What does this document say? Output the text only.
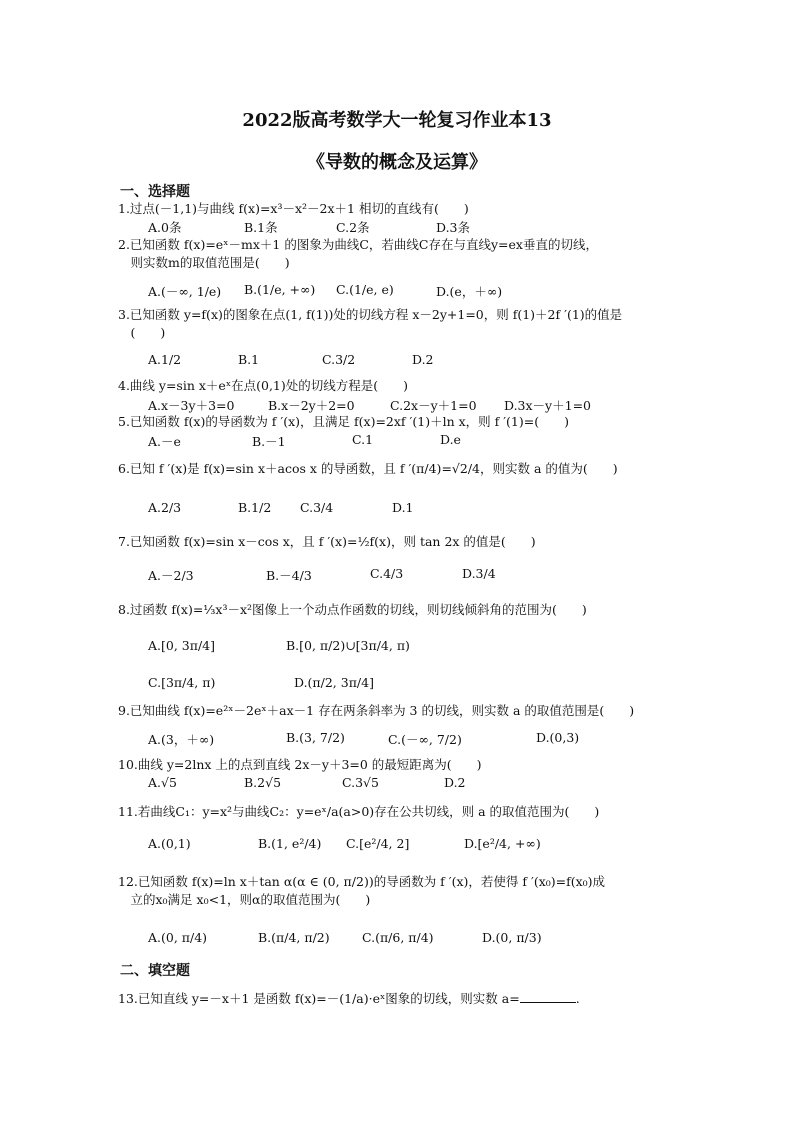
2022版高考数学大一轮复习作业本13
《导数的概念及运算》
一、选择题
1.过点(－1,1)与曲线 f(x)=x³－x²－2x＋1 相切的直线有(　　)
A.0条	B.1条	C.2条	D.3条
2.已知函数 f(x)=eˣ－mx＋1 的图象为曲线C，若曲线C存在与直线y=ex垂直的切线，
　则实数m的取值范围是(　　)
A.(－∞, 1/e) B.(1/e, +∞) C.(1/e, e)	D.(e，＋∞)
3.已知函数 y=f(x)的图象在点(1, f(1))处的切线方程 x－2y+1=0，则 f(1)＋2f ′(1)的值是
　(　　)
A.1/2	B.1	C.3/2	D.2
4.曲线 y=sin x＋eˣ在点(0,1)处的切线方程是(　　)
A.x－3y＋3=0	B.x－2y＋2=0	C.2x－y＋1=0 D.3x－y＋1=0
5.已知函数 f(x)的导函数为 f ′(x)，且满足 f(x)=2xf ′(1)＋ln x，则 f ′(1)=(　　)
A.－e	B.－1	C.1	D.e
6.已知 f ′(x)是 f(x)=sin x＋acos x 的导函数，且 f ′(π/4)=√2/4，则实数 a 的值为(　　)
A.2/3	B.1/2 C.3/4	D.1
7.已知函数 f(x)=sin x－cos x，且 f ′(x)=½f(x)，则 tan 2x 的值是(　　)
A.－2/3	B.－4/3	C.4/3	D.3/4
8.过函数 f(x)=⅓x³－x²图像上一个动点作函数的切线，则切线倾斜角的范围为(　　)
A.[0, 3π/4]	B.[0, π/2)∪[3π/4, π)
C.[3π/4, π)	D.(π/2, 3π/4]
9.已知曲线 f(x)=e²ˣ－2eˣ＋ax－1 存在两条斜率为 3 的切线，则实数 a 的取值范围是(　　)
A.(3，＋∞)	B.(3, 7/2)	C.(－∞, 7/2)	D.(0,3)
10.曲线 y=2lnx 上的点到直线 2x－y＋3=0 的最短距离为(　　)
A.√5	B.2√5	C.3√5	D.2
11.若曲线C₁：y=x²与曲线C₂：y=eˣ/a(a>0)存在公共切线，则 a 的取值范围为(　　)
A.(0,1)	B.(1, e²/4) C.[e²/4, 2]	D.[e²/4, +∞)
12.已知函数 f(x)=ln x＋tan α(α ∈ (0, π/2))的导函数为 f ′(x)，若使得 f ′(x₀)=f(x₀)成
　立的x₀满足 x₀<1，则α的取值范围为(　　)
A.(0, π/4)	B.(π/4, π/2)	C.(π/6, π/4)	D.(0, π/3)
二、填空题
13.已知直线 y=－x＋1 是函数 f(x)=－(1/a)·eˣ图象的切线，则实数 a=	.
